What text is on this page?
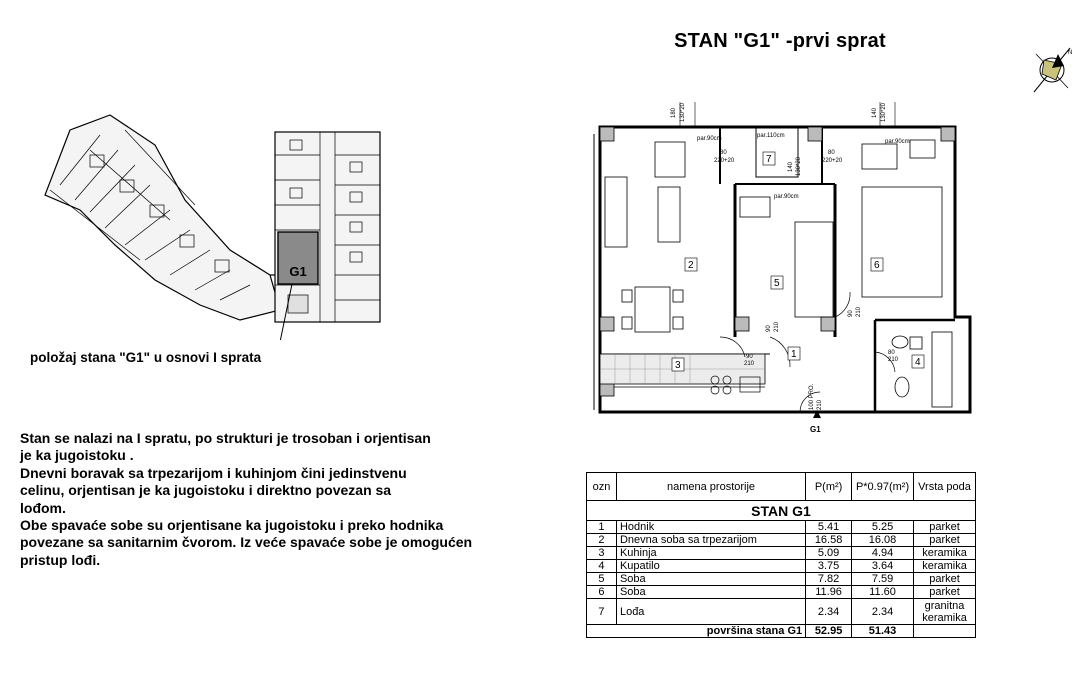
STAN "G1" -prvi sprat
N
G1
položaj stana "G1" u osnovi I sprata

Stan se nalazi na I spratu, po strukturi je trosoban i orjentisan

je ka jugoistoku .

Dnevni boravak sa trpezarijom i kuhinjom čini jedinstvenu

celinu, orjentisan je ka jugoistoku i direktno povezan sa

lođom.

Obe spavaće sobe su orjentisane ka jugoistoku i preko hodnika

povezane sa sanitarnim čvorom. Iz veće spavaće sobe je omogućen

pristup lođi.

180 130*20	140 130*20
par.90cm	par.110cm
par.90cm
par.90cm
80
220+20
80
220+20
140 130*20
90 210
90 210
90
210
80
210
100 PRO. 210
2
1
3	4
5
6
7
G1
ozn	namena prostorije	P(m²)	P*0.97(m²)	Vrsta poda
STAN G1				
1	Hodnik	5.41	5.25	parket
2	Dnevna soba sa trpezarijom	16.58	16.08	parket
3	Kuhinja	5.09	4.94	keramika
4	Kupatilo	3.75	3.64	keramika
5	Soba	7.82	7.59	parket
6	Soba	11.96	11.60	parket
7	Lođa	2.34	2.34	granitna keramika
površina stana G1		52.95	51.43	
